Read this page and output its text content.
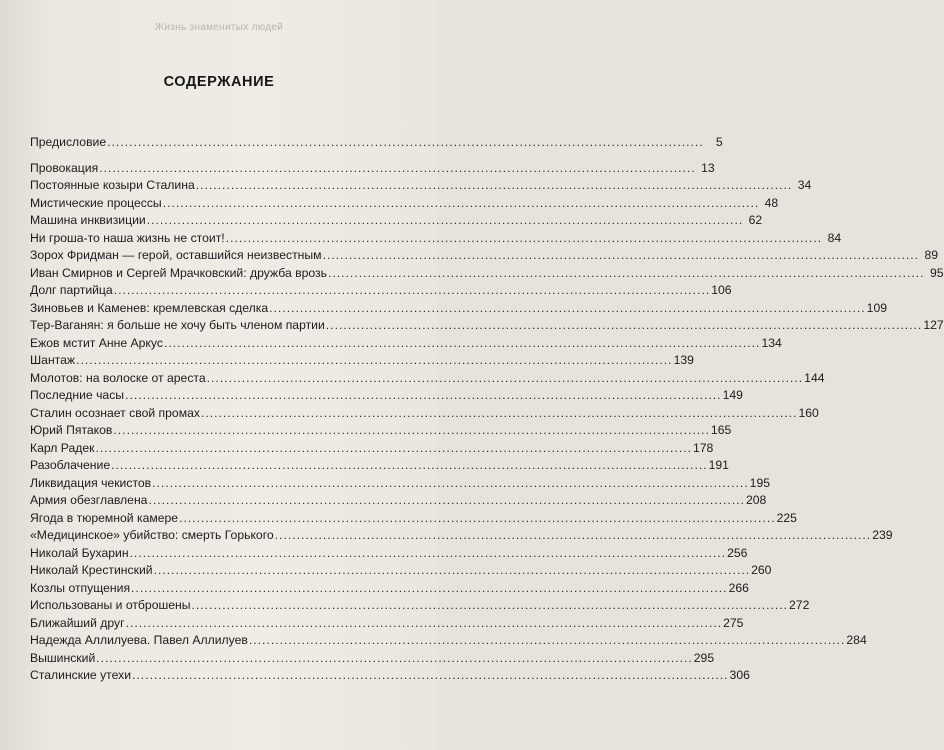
Жизнь знаменитых людей
СОДЕРЖАНИЕ
Предисловие .....	5
Провокация .....	13
Постоянные козыри Сталина .....	34
Мистические процессы .....	48
Машина инквизиции .....	62
Ни гроша-то наша жизнь не стоит! .....	84
Зорох Фридман — герой, оставшийся неизвестным .....	89
Иван Смирнов и Сергей Мрачковский: дружба врозь .....	95
Долг партийца .....	106
Зиновьев и Каменев: кремлевская сделка .....	109
Тер-Ваганян: я больше не хочу быть членом партии .....	127
Ежов мстит Анне Аркус .....	134
Шантаж .....	139
Молотов: на волоске от ареста .....	144
Последние часы .....	149
Сталин осознает свой промах .....	160
Юрий Пятаков .....	165
Карл Радек .....	178
Разоблачение .....	191
Ликвидация чекистов .....	195
Армия обезглавлена .....	208
Ягода в тюремной камере .....	225
«Медицинское» убийство: смерть Горького .....	239
Николай Бухарин .....	256
Николай Крестинский .....	260
Козлы отпущения .....	266
Использованы и отброшены .....	272
Ближайший друг .....	275
Надежда Аллилуева. Павел Аллилуев .....	284
Вышинский .....	295
Сталинские утехи .....	306
